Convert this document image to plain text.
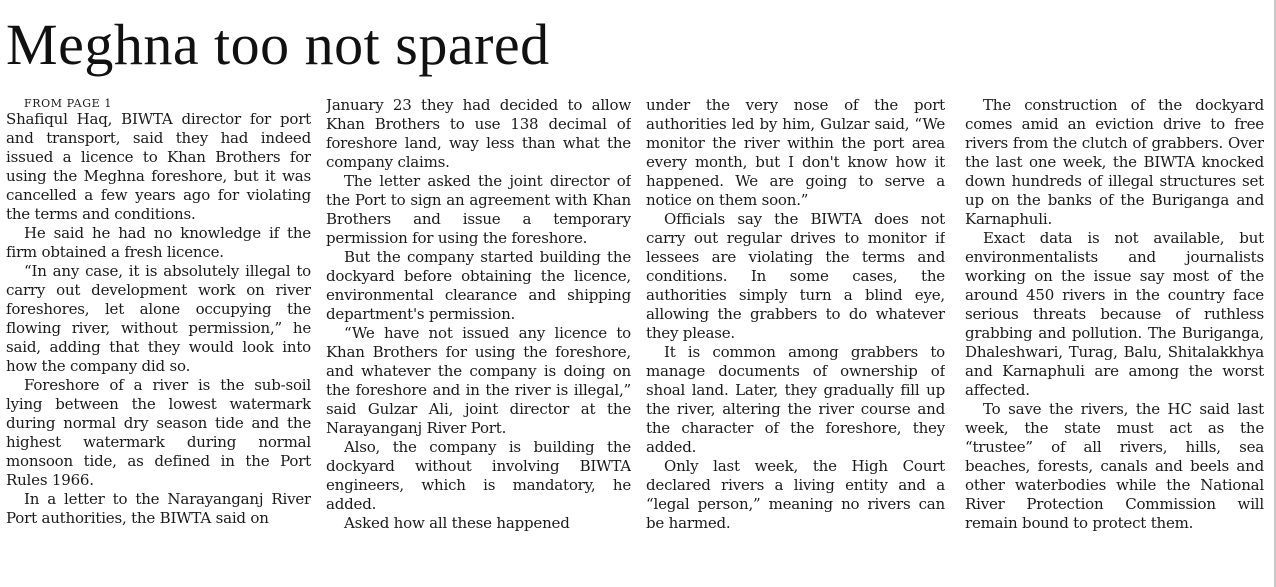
Meghna too not spared

FROM PAGE 1

Shafiqul Haq, BIWTA director for port and transport, said they had indeed issued a licence to Khan Brothers for using the Meghna foreshore, but it was cancelled a few years ago for violating the terms and conditions.

He said he had no knowledge if the firm obtained a fresh licence.

“In any case, it is absolutely illegal to carry out development work on river foreshores, let alone occupying the flowing river, without permission,” he said, adding that they would look into how the company did so.

Foreshore of a river is the sub-soil lying between the lowest watermark during normal dry season tide and the highest watermark during normal monsoon tide, as defined in the Port Rules 1966.

In a letter to the Narayanganj River Port authorities, the BIWTA said on

January 23 they had decided to allow Khan Brothers to use 138 decimal of foreshore land, way less than what the company claims.

The letter asked the joint director of the Port to sign an agreement with Khan Brothers and issue a temporary permission for using the foreshore.

But the company started building the dockyard before obtaining the licence, environmental clearance and shipping department's permission.

“We have not issued any licence to Khan Brothers for using the foreshore, and whatever the company is doing on the foreshore and in the river is illegal,” said Gulzar Ali, joint director at the Narayanganj River Port.

Also, the company is building the dockyard without involving BIWTA engineers, which is mandatory, he added.

Asked how all these happened

under the very nose of the port authorities led by him, Gulzar said, “We monitor the river within the port area every month, but I don't know how it happened. We are going to serve a notice on them soon.”

Officials say the BIWTA does not carry out regular drives to monitor if lessees are violating the terms and conditions. In some cases, the authorities simply turn a blind eye, allowing the grabbers to do whatever they please.

It is common among grabbers to manage documents of ownership of shoal land. Later, they gradually fill up the river, altering the river course and the character of the foreshore, they added.

Only last week, the High Court declared rivers a living entity and a “legal person,” meaning no rivers can be harmed.

The construction of the dockyard comes amid an eviction drive to free rivers from the clutch of grabbers. Over the last one week, the BIWTA knocked down hundreds of illegal structures set up on the banks of the Buriganga and Karnaphuli.

Exact data is not available, but environmentalists and journalists working on the issue say most of the around 450 rivers in the country face serious threats because of ruthless grabbing and pollution. The Buriganga, Dhaleshwari, Turag, Balu, Shitalakkhya and Karnaphuli are among the worst affected.

To save the rivers, the HC said last week, the state must act as the “trustee” of all rivers, hills, sea beaches, forests, canals and beels and other waterbodies while the National River Protection Commission will remain bound to protect them.
